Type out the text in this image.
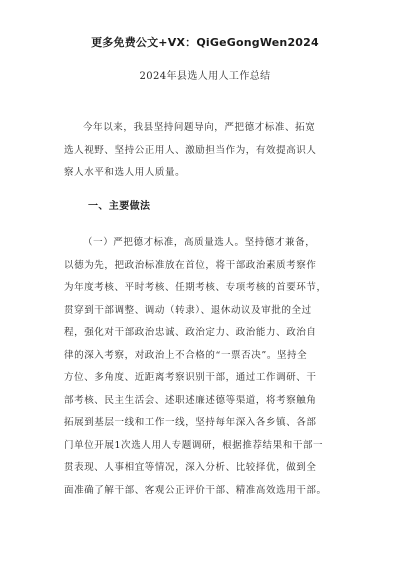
更多免费公文+VX：QiGeGongWen2024
2024年县选人用人工作总结
今年以来，我县坚持问题导向，严把德才标准、拓宽
选人视野、坚持公正用人、激励担当作为，有效提高识人
察人水平和选人用人质量。
一、主要做法
（一）严把德才标准，高质量选人。坚持德才兼备，
以德为先，把政治标准放在首位，将干部政治素质考察作
为年度考核、平时考核、任期考核、专项考核的首要环节，
贯穿到干部调整、调动（转隶）、退休动议及审批的全过
程，强化对干部政治忠诚、政治定力、政治能力、政治自
律的深入考察，对政治上不合格的“一票否决”。坚持全
方位、多角度、近距离考察识别干部，通过工作调研、干
部考核、民主生活会、述职述廉述德等渠道，将考察触角
拓展到基层一线和工作一线，坚持每年深入各乡镇、各部
门单位开展1次选人用人专题调研，根据推荐结果和干部一
贯表现、人事相宜等情况，深入分析、比较择优，做到全
面准确了解干部、客观公正评价干部、精准高效选用干部。
